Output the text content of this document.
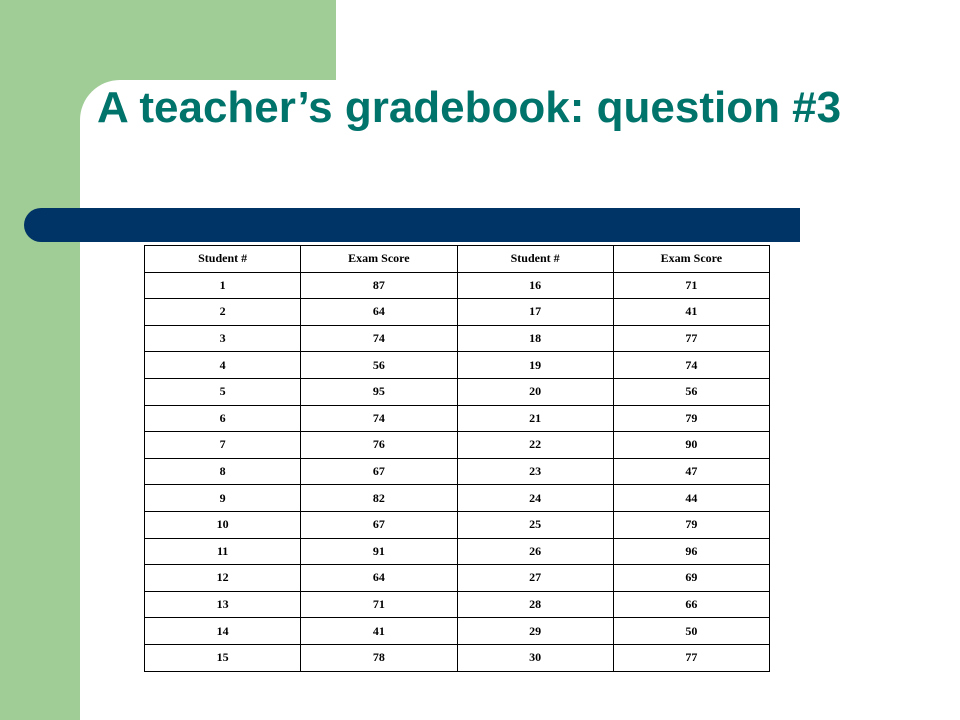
A teacher’s gradebook: question #3
Student #	Exam Score	Student #	Exam Score
1	87	16	71
2	64	17	41
3	74	18	77
4	56	19	74
5	95	20	56
6	74	21	79
7	76	22	90
8	67	23	47
9	82	24	44
10	67	25	79
11	91	26	96
12	64	27	69
13	71	28	66
14	41	29	50
15	78	30	77
